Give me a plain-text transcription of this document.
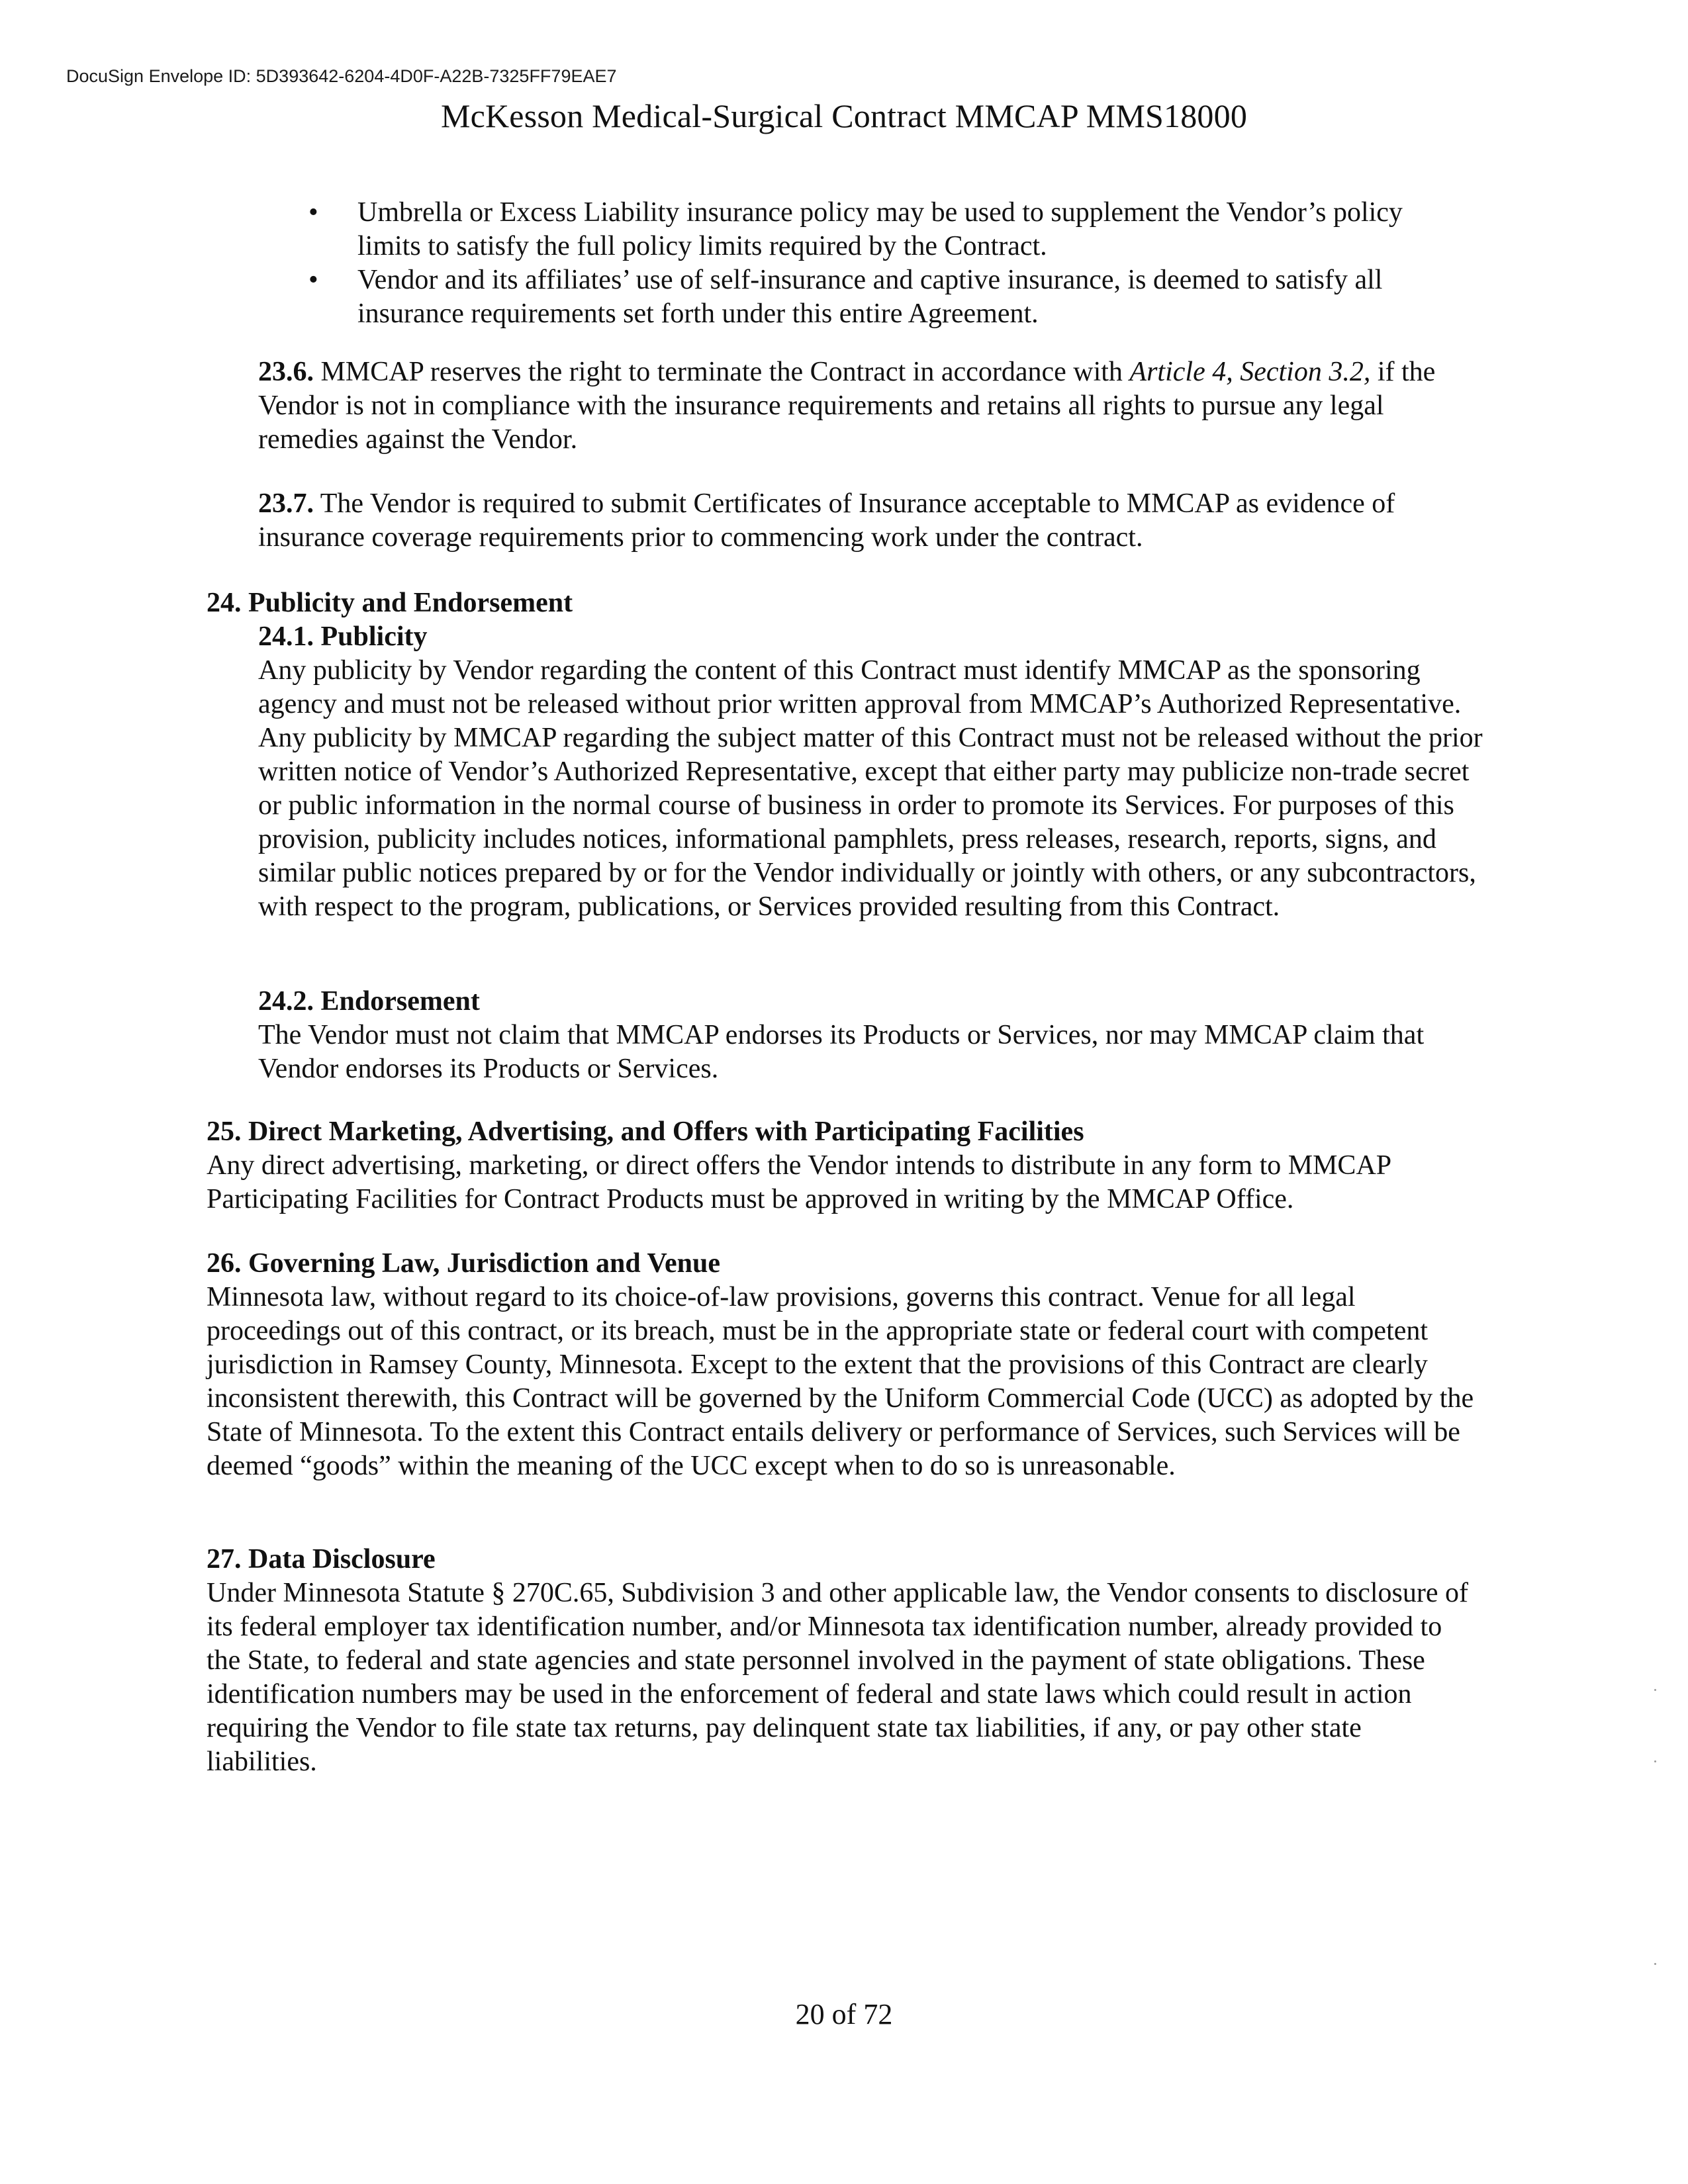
DocuSign Envelope ID: 5D393642-6204-4D0F-A22B-7325FF79EAE7
McKesson Medical-Surgical Contract MMCAP MMS18000
• Umbrella or Excess Liability insurance policy may be used to supplement the Vendor’s policy limits to satisfy the full policy limits required by the Contract.
• Vendor and its affiliates’ use of self-insurance and captive insurance, is deemed to satisfy all insurance requirements set forth under this entire Agreement.
23.6. MMCAP reserves the right to terminate the Contract in accordance with Article 4, Section 3.2, if the Vendor is not in compliance with the insurance requirements and retains all rights to pursue any legal remedies against the Vendor.
23.7. The Vendor is required to submit Certificates of Insurance acceptable to MMCAP as evidence of insurance coverage requirements prior to commencing work under the contract.
24. Publicity and Endorsement
24.1. Publicity
Any publicity by Vendor regarding the content of this Contract must identify MMCAP as the sponsoring agency and must not be released without prior written approval from MMCAP’s Authorized Representative. Any publicity by MMCAP regarding the subject matter of this Contract must not be released without the prior written notice of Vendor’s Authorized Representative, except that either party may publicize non-trade secret or public information in the normal course of business in order to promote its Services. For purposes of this provision, publicity includes notices, informational pamphlets, press releases, research, reports, signs, and similar public notices prepared by or for the Vendor individually or jointly with others, or any subcontractors, with respect to the program, publications, or Services provided resulting from this Contract.
24.2. Endorsement
The Vendor must not claim that MMCAP endorses its Products or Services, nor may MMCAP claim that Vendor endorses its Products or Services.
25. Direct Marketing, Advertising, and Offers with Participating Facilities
Any direct advertising, marketing, or direct offers the Vendor intends to distribute in any form to MMCAP Participating Facilities for Contract Products must be approved in writing by the MMCAP Office.
26. Governing Law, Jurisdiction and Venue
Minnesota law, without regard to its choice-of-law provisions, governs this contract. Venue for all legal proceedings out of this contract, or its breach, must be in the appropriate state or federal court with competent jurisdiction in Ramsey County, Minnesota. Except to the extent that the provisions of this Contract are clearly inconsistent therewith, this Contract will be governed by the Uniform Commercial Code (UCC) as adopted by the State of Minnesota. To the extent this Contract entails delivery or performance of Services, such Services will be deemed “goods” within the meaning of the UCC except when to do so is unreasonable.
27. Data Disclosure
Under Minnesota Statute § 270C.65, Subdivision 3 and other applicable law, the Vendor consents to disclosure of its federal employer tax identification number, and/or Minnesota tax identification number, already provided to the State, to federal and state agencies and state personnel involved in the payment of state obligations. These identification numbers may be used in the enforcement of federal and state laws which could result in action requiring the Vendor to file state tax returns, pay delinquent state tax liabilities, if any, or pay other state liabilities.
20 of 72
